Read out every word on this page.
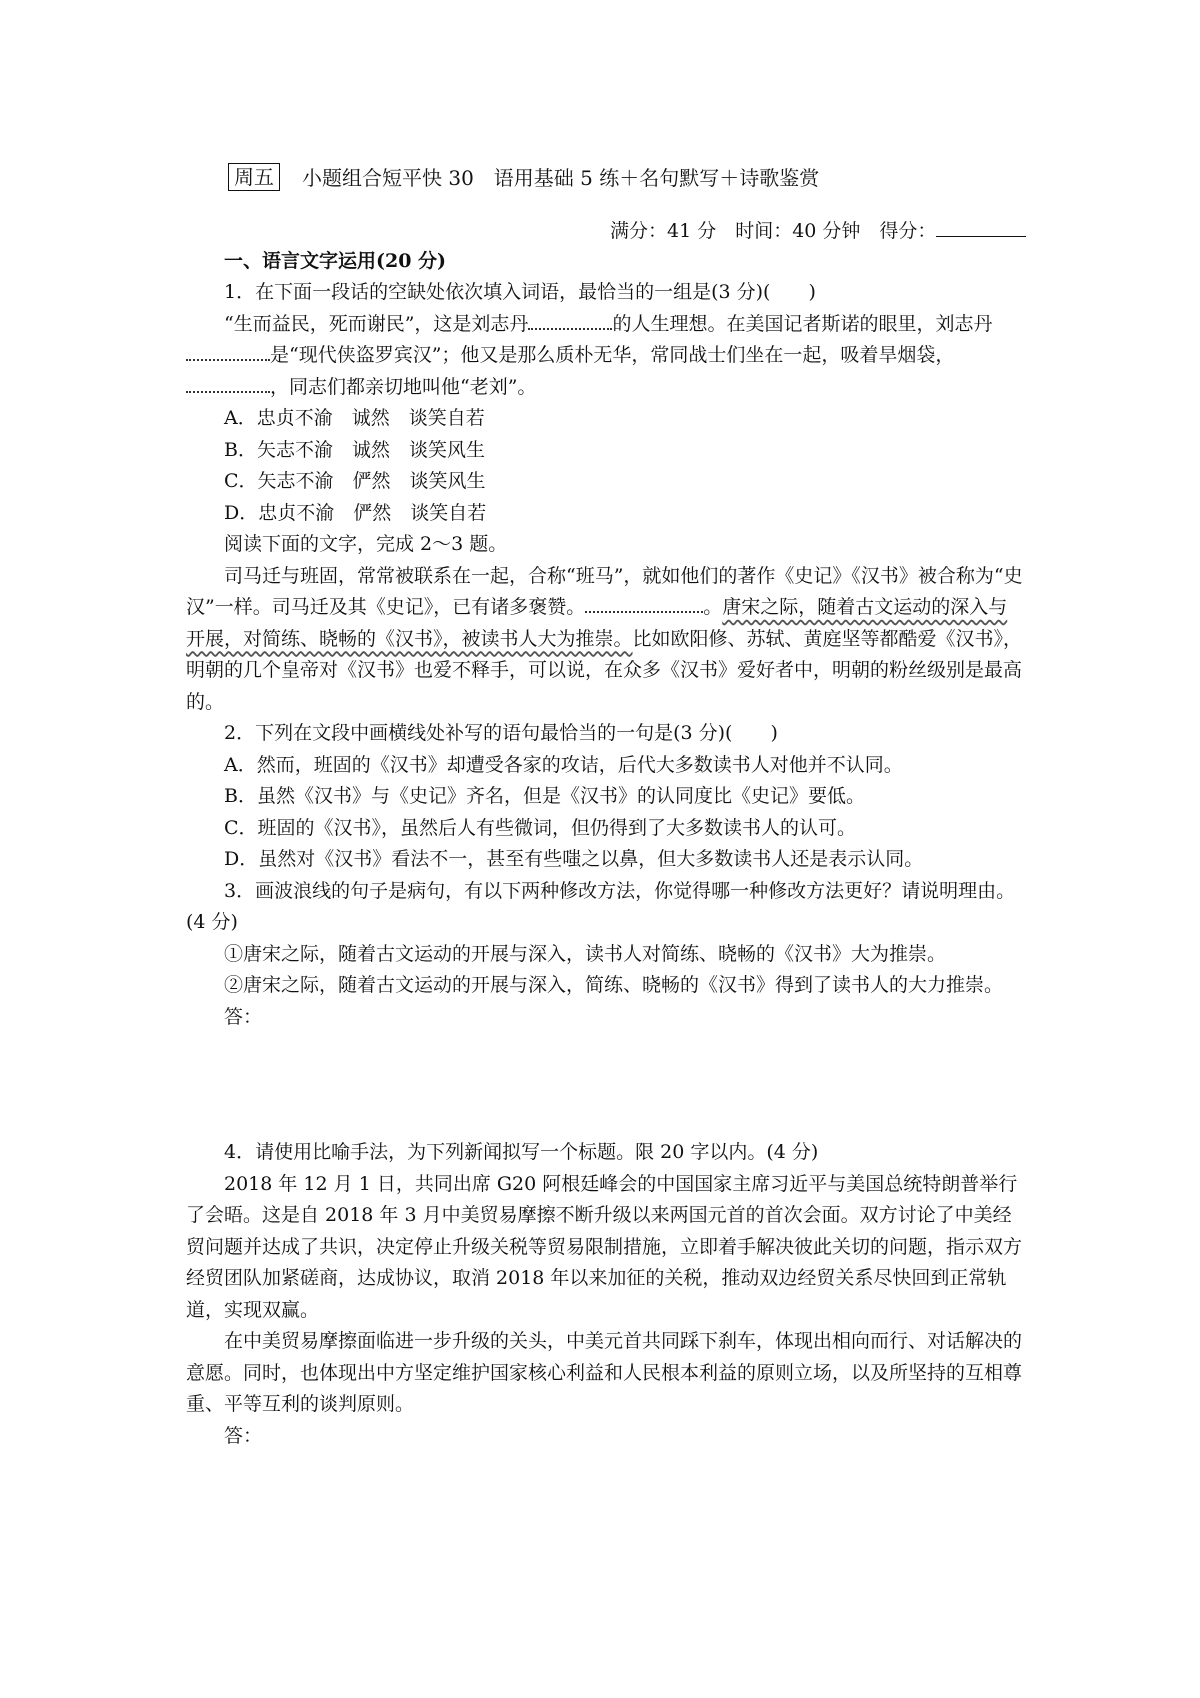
周五	小题组合短平快 30　语用基础 5 练＋名句默写＋诗歌鉴赏
满分：41 分　时间：40 分钟　得分：
一、语言文字运用(20 分)

1．在下面一段话的空缺处依次填入词语，最恰当的一组是(3 分)(　　)

“生而益民，死而谢民”，这是刘志丹	的人生理想。在美国记者斯诺的眼里，刘志丹是“现代侠盗罗宾汉”；他又是那么质朴无华，常同战士们坐在一起，吸着旱烟袋，，同志们都亲切地叫他“老刘”。

A．忠贞不渝　诚然　谈笑自若

B．矢志不渝　诚然　谈笑风生

C．矢志不渝　俨然　谈笑风生

D．忠贞不渝　俨然　谈笑自若

阅读下面的文字，完成 2～3 题。

司马迁与班固，常常被联系在一起，合称“班马”，就如他们的著作《史记》《汉书》被合称为“史汉”一样。司马迁及其《史记》，已有诸多褒赞。	。唐宋之际，随着古文运动的深入与开展，对简练、晓畅的《汉书》，被读书人大为推崇。比如欧阳修、苏轼、黄庭坚等都酷爱《汉书》，明朝的几个皇帝对《汉书》也爱不释手，可以说，在众多《汉书》爱好者中，明朝的粉丝级别是最高的。

2．下列在文段中画横线处补写的语句最恰当的一句是(3 分)(　　)

A．然而，班固的《汉书》却遭受各家的攻诘，后代大多数读书人对他并不认同。

B．虽然《汉书》与《史记》齐名，但是《汉书》的认同度比《史记》要低。

C．班固的《汉书》，虽然后人有些微词，但仍得到了大多数读书人的认可。

D．虽然对《汉书》看法不一，甚至有些嗤之以鼻，但大多数读书人还是表示认同。

3．画波浪线的句子是病句，有以下两种修改方法，你觉得哪一种修改方法更好？请说明理由。(4 分)

①唐宋之际，随着古文运动的开展与深入，读书人对简练、晓畅的《汉书》大为推崇。

②唐宋之际，随着古文运动的开展与深入，简练、晓畅的《汉书》得到了读书人的大力推崇。

答：

4．请使用比喻手法，为下列新闻拟写一个标题。限 20 字以内。(4 分)

2018 年 12 月 1 日，共同出席 G20 阿根廷峰会的中国国家主席习近平与美国总统特朗普举行了会晤。这是自 2018 年 3 月中美贸易摩擦不断升级以来两国元首的首次会面。双方讨论了中美经贸问题并达成了共识，决定停止升级关税等贸易限制措施，立即着手解决彼此关切的问题，指示双方经贸团队加紧磋商，达成协议，取消 2018 年以来加征的关税，推动双边经贸关系尽快回到正常轨道，实现双赢。

在中美贸易摩擦面临进一步升级的关头，中美元首共同踩下刹车，体现出相向而行、对话解决的意愿。同时，也体现出中方坚定维护国家核心利益和人民根本利益的原则立场，以及所坚持的互相尊重、平等互利的谈判原则。

答：
